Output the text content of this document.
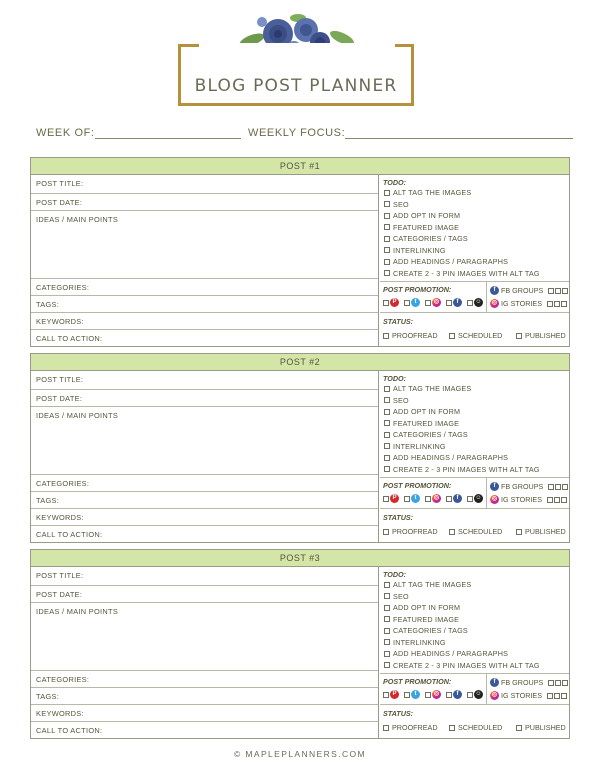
BLOG POST PLANNER
WEEK OF:	WEEKLY FOCUS:
POST #1
POST TITLE:
POST DATE:
IDEAS / MAIN POINTS
CATEGORIES:
TAGS:
KEYWORDS:
CALL TO ACTION:
TODO:
ALT TAG THE IMAGES
SEO
ADD OPT IN FORM
FEATURED IMAGE
CATEGORIES / TAGS
INTERLINKING
ADD HEADINGS / PARAGRAPHS
CREATE 2 - 3 PIN IMAGES WITH ALT TAG
POST PROMOTION:
P	t	◎	f	☺
f FB GROUPS
◎ IG STORIES
STATUS:
PROOFREAD	SCHEDULED	PUBLISHED
POST #2
POST TITLE:
POST DATE:
IDEAS / MAIN POINTS
CATEGORIES:
TAGS:
KEYWORDS:
CALL TO ACTION:
TODO:
ALT TAG THE IMAGES
SEO
ADD OPT IN FORM
FEATURED IMAGE
CATEGORIES / TAGS
INTERLINKING
ADD HEADINGS / PARAGRAPHS
CREATE 2 - 3 PIN IMAGES WITH ALT TAG
POST PROMOTION:
P	t	◎	f	☺
f FB GROUPS
◎ IG STORIES
STATUS:
PROOFREAD	SCHEDULED	PUBLISHED
POST #3
POST TITLE:
POST DATE:
IDEAS / MAIN POINTS
CATEGORIES:
TAGS:
KEYWORDS:
CALL TO ACTION:
TODO:
ALT TAG THE IMAGES
SEO
ADD OPT IN FORM
FEATURED IMAGE
CATEGORIES / TAGS
INTERLINKING
ADD HEADINGS / PARAGRAPHS
CREATE 2 - 3 PIN IMAGES WITH ALT TAG
POST PROMOTION:
P	t	◎	f	☺
f FB GROUPS
◎ IG STORIES
STATUS:
PROOFREAD	SCHEDULED	PUBLISHED
© MAPLEPLANNERS.COM
